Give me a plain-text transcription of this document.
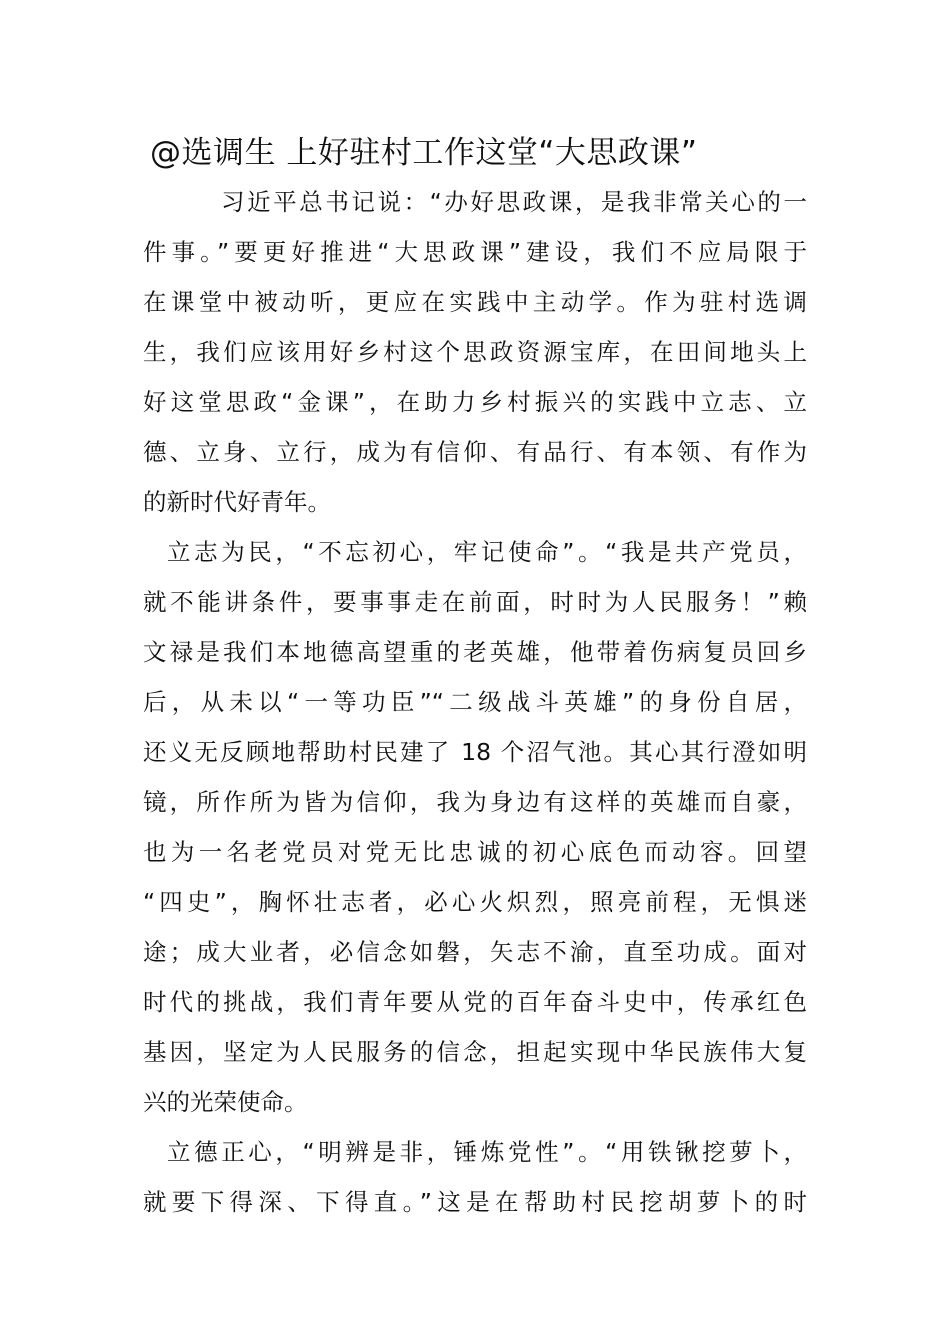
@选调生 上好驻村工作这堂“大思政课”
习近平总书记说：“办好思政课，是我非常关心的一
件事。”要更好推进“大思政课”建设，我们不应局限于
在课堂中被动听，更应在实践中主动学。作为驻村选调
生，我们应该用好乡村这个思政资源宝库，在田间地头上
好这堂思政“金课”，在助力乡村振兴的实践中立志、立
德、立身、立行，成为有信仰、有品行、有本领、有作为
的新时代好青年。
立志为民，“不忘初心，牢记使命”。“我是共产党员，
就不能讲条件，要事事走在前面，时时为人民服务！”赖
文禄是我们本地德高望重的老英雄，他带着伤病复员回乡
后，从未以“一等功臣”“二级战斗英雄”的身份自居，
还义无反顾地帮助村民建了 18 个沼气池。其心其行澄如明
镜，所作所为皆为信仰，我为身边有这样的英雄而自豪，
也为一名老党员对党无比忠诚的初心底色而动容。回望
“四史”，胸怀壮志者，必心火炽烈，照亮前程，无惧迷
途；成大业者，必信念如磐，矢志不渝，直至功成。面对
时代的挑战，我们青年要从党的百年奋斗史中，传承红色
基因，坚定为人民服务的信念，担起实现中华民族伟大复
兴的光荣使命。
立德正心，“明辨是非，锤炼党性”。“用铁锹挖萝卜，
就要下得深、下得直。”这是在帮助村民挖胡萝卜的时
